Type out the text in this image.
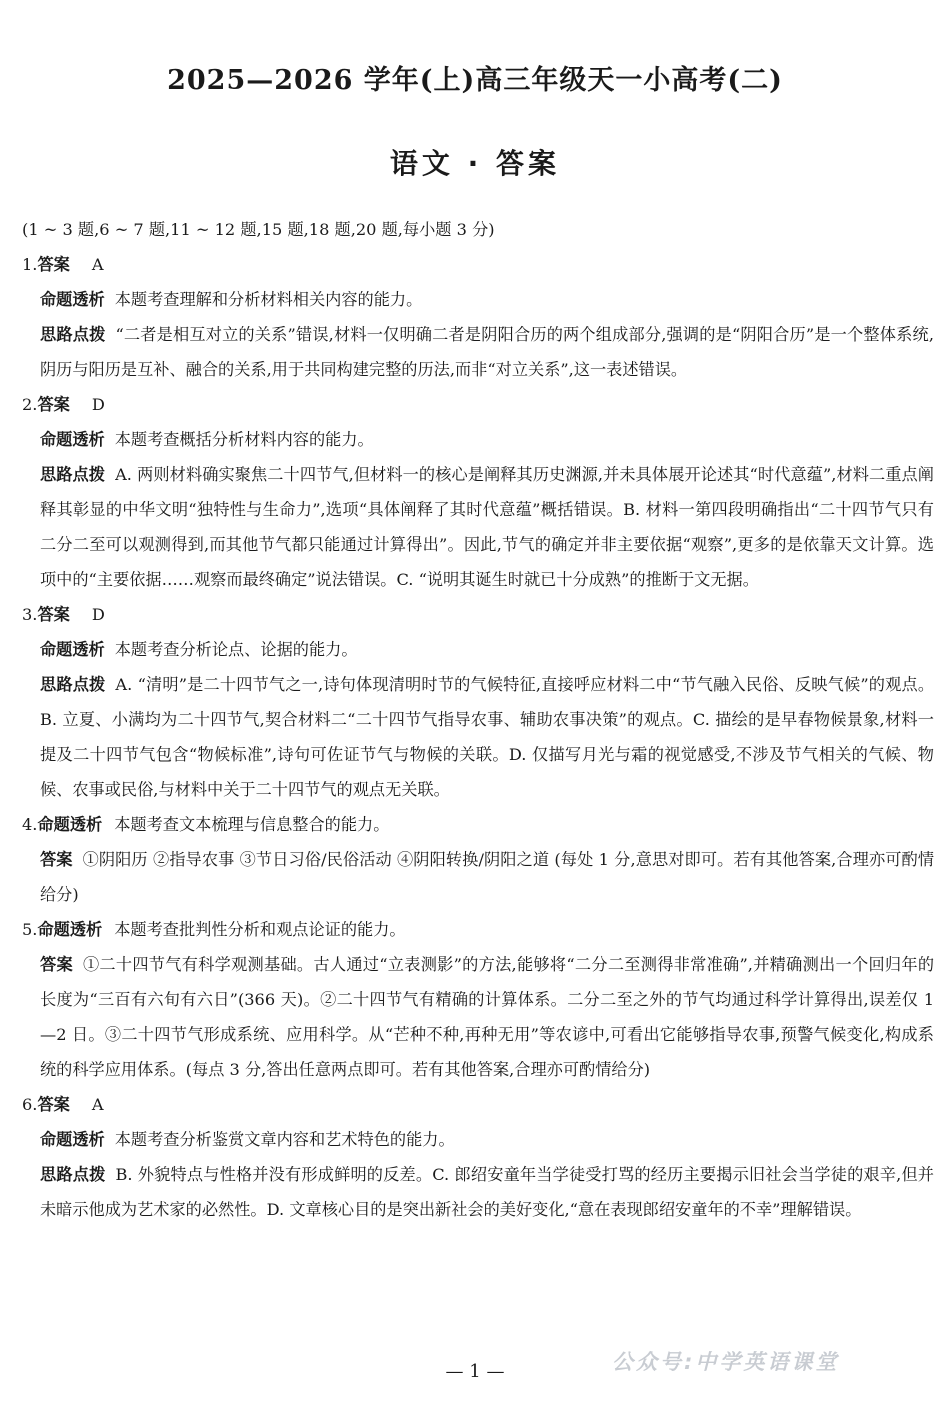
2025—2026 学年(上)高三年级天一小高考(二)
语文 · 答案
(1 ~ 3 题,6 ~ 7 题,11 ~ 12 题,15 题,18 题,20 题,每小题 3 分)
1.答案 A
命题透析 本题考查理解和分析材料相关内容的能力。
思路点拨 “二者是相互对立的关系”错误,材料一仅明确二者是阴阳合历的两个组成部分,强调的是“阴阳合历”是一个整体系统,阴历与阳历是互补、融合的关系,用于共同构建完整的历法,而非“对立关系”,这一表述错误。
2.答案 D
命题透析 本题考查概括分析材料内容的能力。
思路点拨 A. 两则材料确实聚焦二十四节气,但材料一的核心是阐释其历史渊源,并未具体展开论述其“时代意蕴”,材料二重点阐释其彰显的中华文明“独特性与生命力”,选项“具体阐释了其时代意蕴”概括错误。B. 材料一第四段明确指出“二十四节气只有二分二至可以观测得到,而其他节气都只能通过计算得出”。因此,节气的确定并非主要依据“观察”,更多的是依靠天文计算。选项中的“主要依据……观察而最终确定”说法错误。C. “说明其诞生时就已十分成熟”的推断于文无据。
3.答案 D
命题透析 本题考查分析论点、论据的能力。
思路点拨 A. “清明”是二十四节气之一,诗句体现清明时节的气候特征,直接呼应材料二中“节气融入民俗、反映气候”的观点。B. 立夏、小满均为二十四节气,契合材料二“二十四节气指导农事、辅助农事决策”的观点。C. 描绘的是早春物候景象,材料一提及二十四节气包含“物候标准”,诗句可佐证节气与物候的关联。D. 仅描写月光与霜的视觉感受,不涉及节气相关的气候、物候、农事或民俗,与材料中关于二十四节气的观点无关联。
4.命题透析 本题考查文本梳理与信息整合的能力。
答案 ①阴阳历 ②指导农事 ③节日习俗/民俗活动 ④阴阳转换/阴阳之道 (每处 1 分,意思对即可。若有其他答案,合理亦可酌情给分)
5.命题透析 本题考查批判性分析和观点论证的能力。
答案 ①二十四节气有科学观测基础。古人通过“立表测影”的方法,能够将“二分二至测得非常准确”,并精确测出一个回归年的长度为“三百有六旬有六日”(366 天)。②二十四节气有精确的计算体系。二分二至之外的节气均通过科学计算得出,误差仅 1—2 日。③二十四节气形成系统、应用科学。从“芒种不种,再种无用”等农谚中,可看出它能够指导农事,预警气候变化,构成系统的科学应用体系。(每点 3 分,答出任意两点即可。若有其他答案,合理亦可酌情给分)
6.答案 A
命题透析 本题考查分析鉴赏文章内容和艺术特色的能力。
思路点拨 B. 外貌特点与性格并没有形成鲜明的反差。C. 郎绍安童年当学徒受打骂的经历主要揭示旧社会当学徒的艰辛,但并未暗示他成为艺术家的必然性。D. 文章核心目的是突出新社会的美好变化,“意在表现郎绍安童年的不幸”理解错误。
公众号:中学英语课堂
— 1 —
